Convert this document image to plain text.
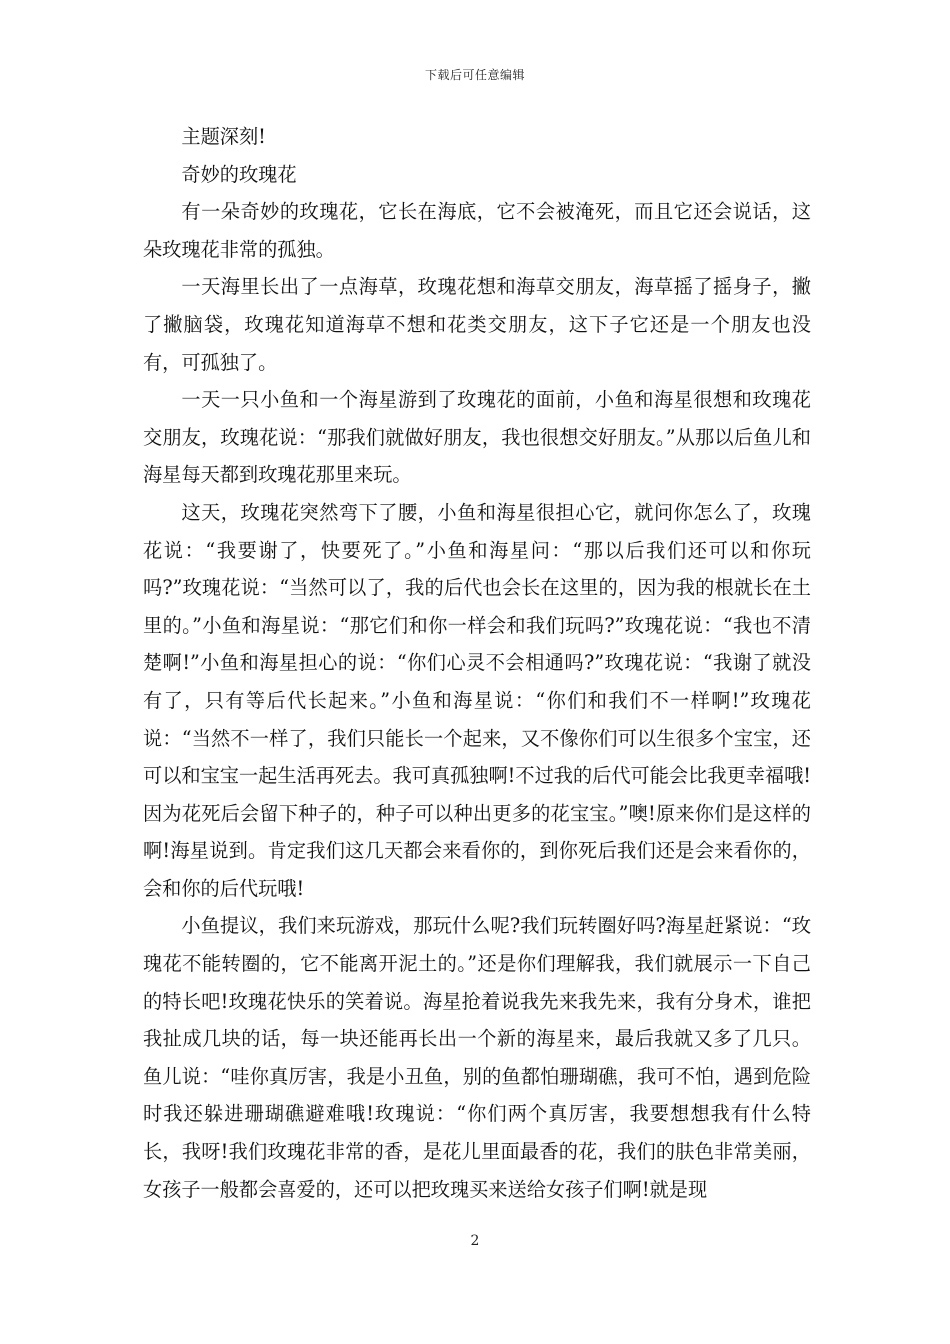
下载后可任意编辑

主题深刻!

奇妙的玫瑰花

有一朵奇妙的玫瑰花，它长在海底，它不会被淹死，而且它还会说话，这朵玫瑰花非常的孤独。

一天海里长出了一点海草，玫瑰花想和海草交朋友，海草摇了摇身子，撇了撇脑袋，玫瑰花知道海草不想和花类交朋友，这下子它还是一个朋友也没有，可孤独了。

一天一只小鱼和一个海星游到了玫瑰花的面前，小鱼和海星很想和玫瑰花交朋友，玫瑰花说：“那我们就做好朋友，我也很想交好朋友。”从那以后鱼儿和海星每天都到玫瑰花那里来玩。

这天，玫瑰花突然弯下了腰，小鱼和海星很担心它，就问你怎么了，玫瑰花说：“我要谢了，快要死了。”小鱼和海星问：“那以后我们还可以和你玩吗?”玫瑰花说：“当然可以了，我的后代也会长在这里的，因为我的根就长在土里的。”小鱼和海星说：“那它们和你一样会和我们玩吗?”玫瑰花说：“我也不清楚啊!”小鱼和海星担心的说：“你们心灵不会相通吗?”玫瑰花说：“我谢了就没有了，只有等后代长起来。”小鱼和海星说：“你们和我们不一样啊!”玫瑰花说：“当然不一样了，我们只能长一个起来，又不像你们可以生很多个宝宝，还可以和宝宝一起生活再死去。我可真孤独啊!不过我的后代可能会比我更幸福哦!因为花死后会留下种子的，种子可以种出更多的花宝宝。”噢!原来你们是这样的啊!海星说到。肯定我们这几天都会来看你的，到你死后我们还是会来看你的，会和你的后代玩哦!

小鱼提议，我们来玩游戏，那玩什么呢?我们玩转圈好吗?海星赶紧说：“玫瑰花不能转圈的，它不能离开泥土的。”还是你们理解我，我们就展示一下自己的特长吧!玫瑰花快乐的笑着说。海星抢着说我先来我先来，我有分身术，谁把我扯成几块的话，每一块还能再长出一个新的海星来，最后我就又多了几只。鱼儿说：“哇你真厉害，我是小丑鱼，别的鱼都怕珊瑚礁，我可不怕，遇到危险时我还躲进珊瑚礁避难哦!玫瑰说：“你们两个真厉害，我要想想我有什么特长，我呀!我们玫瑰花非常的香，是花儿里面最香的花，我们的肤色非常美丽，女孩子一般都会喜爱的，还可以把玫瑰买来送给女孩子们啊!就是现

2
